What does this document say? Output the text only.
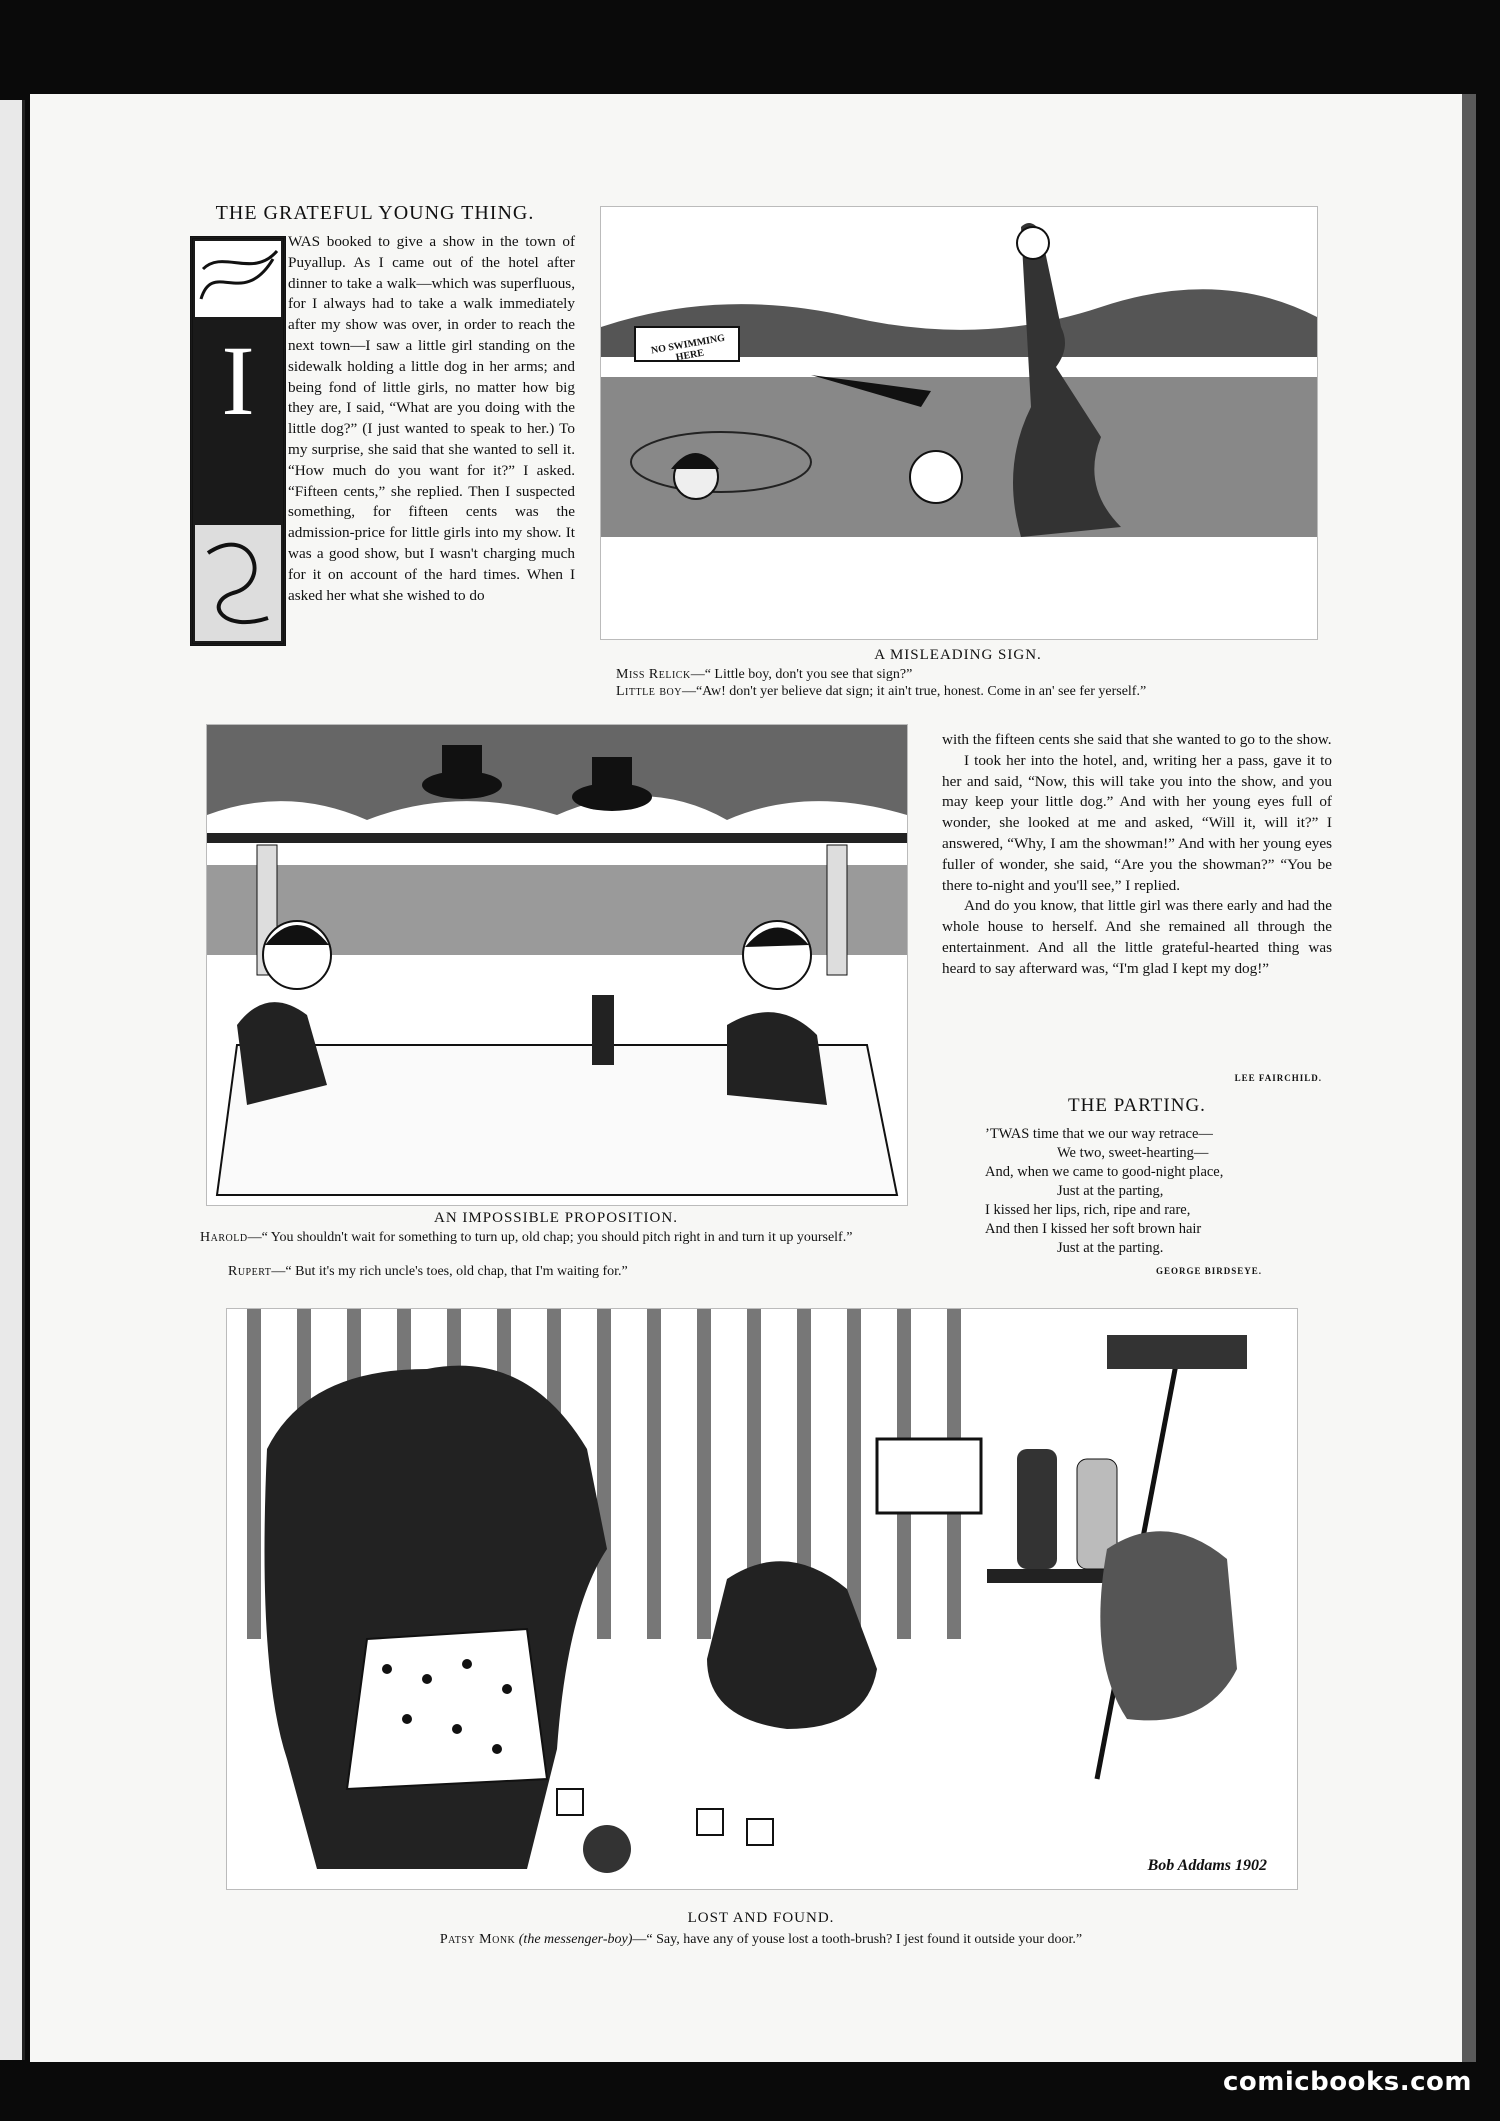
THE GRATEFUL YOUNG THING.
I

WAS booked to give a show in the town of Puyallup. As I came out of the hotel after dinner to take a walk—which was superfluous, for I always had to take a walk immediately after my show was over, in order to reach the next town—I saw a little girl standing on the sidewalk holding a little dog in her arms; and being fond of little girls, no matter how big they are, I said, “What are you doing with the little dog?” (I just wanted to speak to her.) To my surprise, she said that she wanted to sell it. “How much do you want for it?” I asked. “Fifteen cents,” she replied. Then I suspected something, for fifteen cents was the admission-price for little girls into my show. It was a good show, but I wasn't charging much for it on account of the hard times. When I asked her what she wished to do

NO SWIMMING HERE
A MISLEADING SIGN.
Miss Relick—“ Little boy, don't you see that sign?”
Little boy—“Aw! don't yer believe dat sign; it ain't true, honest. Come in an' see fer yerself.”
AN IMPOSSIBLE PROPOSITION.
Harold—“ You shouldn't wait for something to turn up, old chap; you should pitch right in and turn it up yourself.”
Rupert—“ But it's my rich uncle's toes, old chap, that I'm waiting for.”

with the fifteen cents she said that she wanted to go to the show.

I took her into the hotel, and, writing her a pass, gave it to her and said, “Now, this will take you into the show, and you may keep your little dog.” And with her young eyes full of wonder, she looked at me and asked, “Will it, will it?” I answered, “Why, I am the showman!” And with her young eyes fuller of wonder, she said, “Are you the showman?” “You be there to-night and you'll see,” I replied.

And do you know, that little girl was there early and had the whole house to herself. And she remained all through the entertainment. And all the little grateful-hearted thing was heard to say afterward was, “I'm glad I kept my dog!”

LEE FAIRCHILD.
THE PARTING.
’TWAS time that we our way retrace—
We two, sweet-hearting—
And, when we came to good-night place,
Just at the parting,
I kissed her lips, rich, ripe and rare,
And then I kissed her soft brown hair
Just at the parting.
GEORGE BIRDSEYE.
Bob Addams 1902
LOST AND FOUND.
Patsy Monk (the messenger-boy)—“ Say, have any of youse lost a tooth-brush? I jest found it outside your door.”
comicbooks.com
